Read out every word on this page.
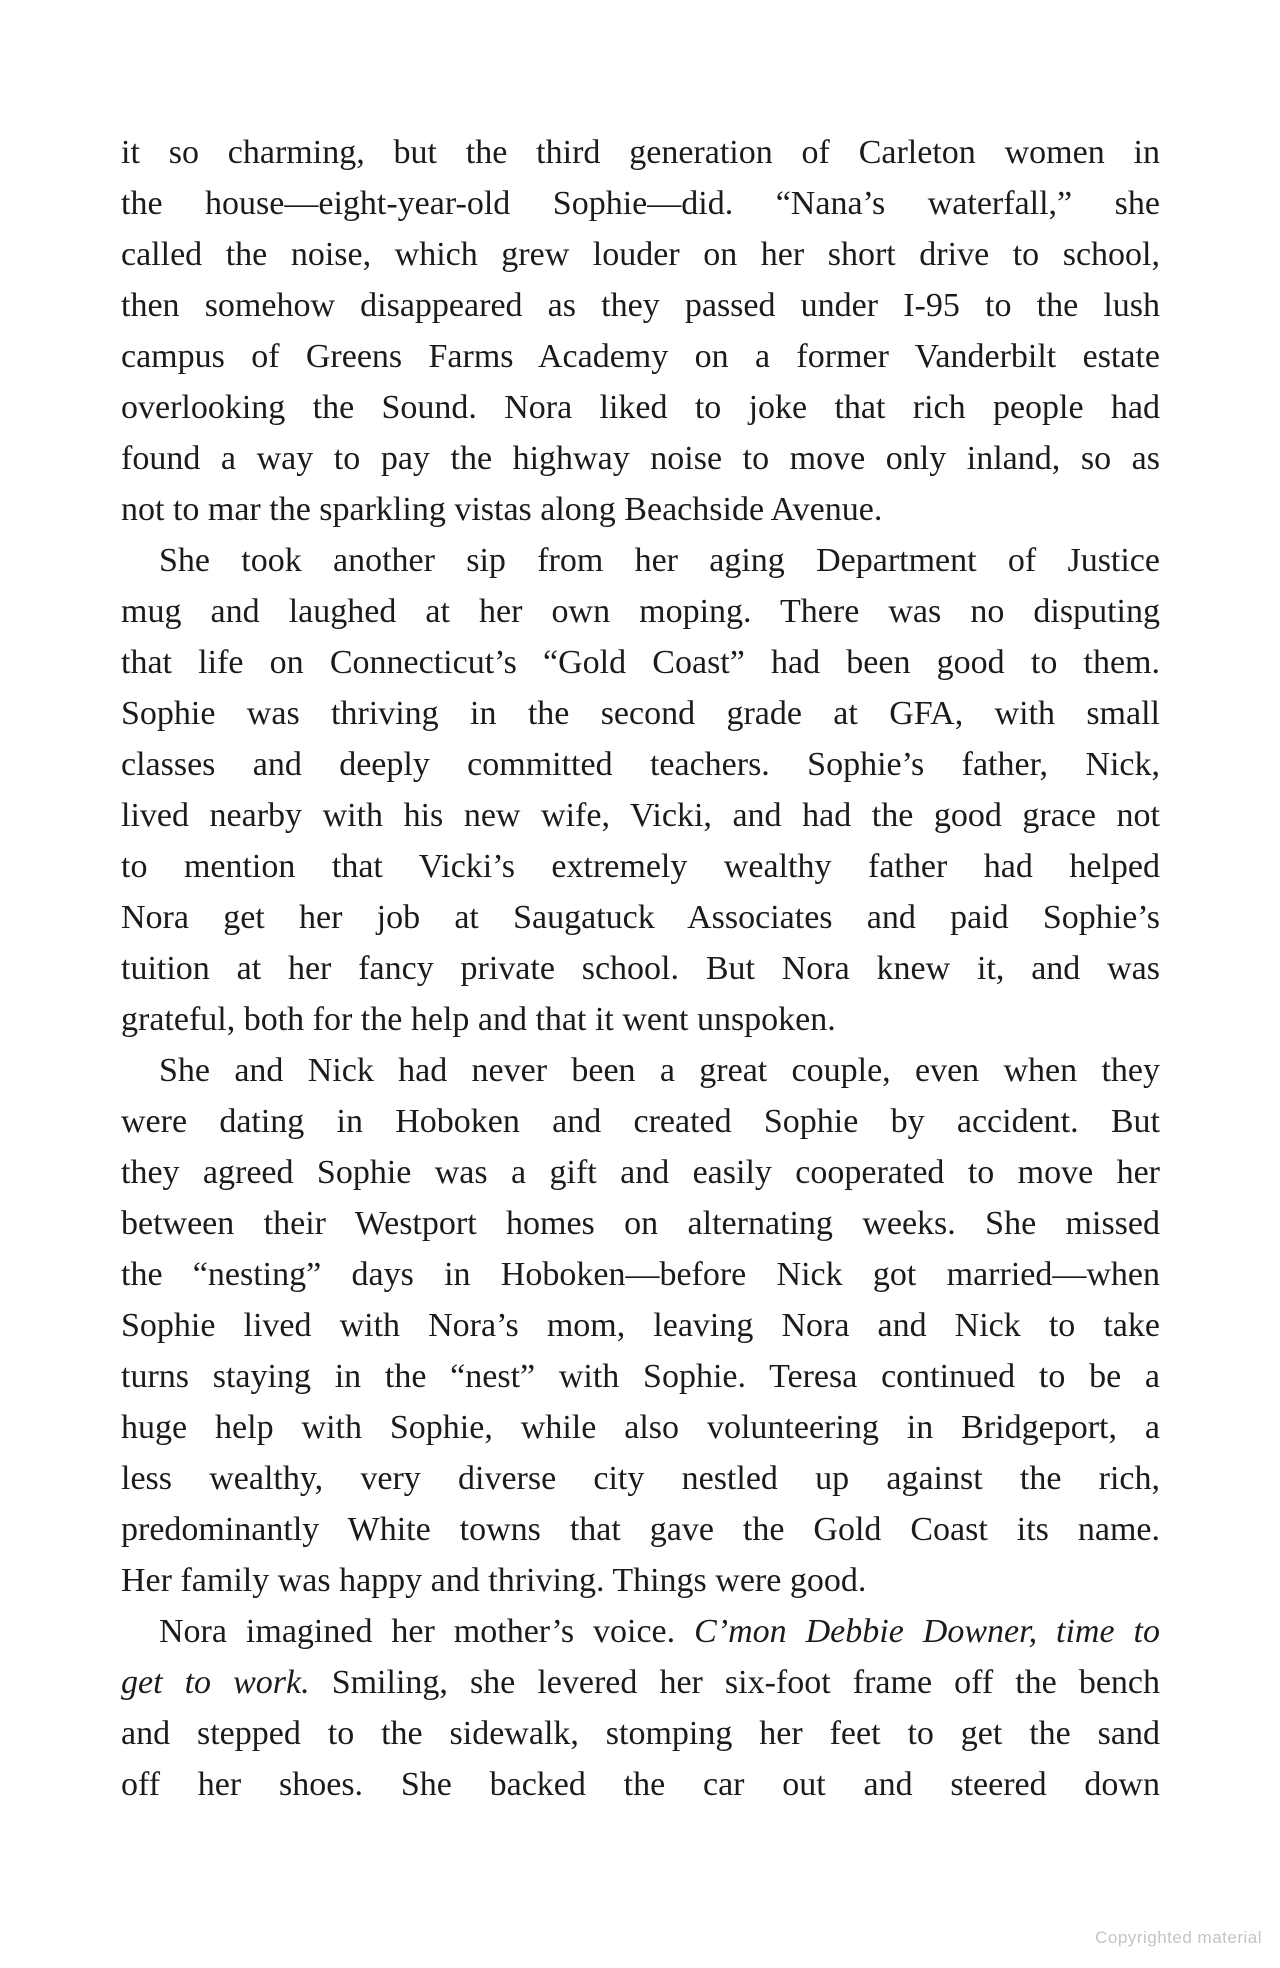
it so charming, but the third generation of Carleton women in
the house—eight-year-old Sophie—did. “Nana’s waterfall,” she
called the noise, which grew louder on her short drive to school,
then somehow disappeared as they passed under I-95 to the lush
campus of Greens Farms Academy on a former Vanderbilt estate
overlooking the Sound. Nora liked to joke that rich people had
found a way to pay the highway noise to move only inland, so as
not to mar the sparkling vistas along Beachside Avenue.
She took another sip from her aging Department of Justice
mug and laughed at her own moping. There was no disputing
that life on Connecticut’s “Gold Coast” had been good to them.
Sophie was thriving in the second grade at GFA, with small
classes and deeply committed teachers. Sophie’s father, Nick,
lived nearby with his new wife, Vicki, and had the good grace not
to mention that Vicki’s extremely wealthy father had helped
Nora get her job at Saugatuck Associates and paid Sophie’s
tuition at her fancy private school. But Nora knew it, and was
grateful, both for the help and that it went unspoken.
She and Nick had never been a great couple, even when they
were dating in Hoboken and created Sophie by accident. But
they agreed Sophie was a gift and easily cooperated to move her
between their Westport homes on alternating weeks. She missed
the “nesting” days in Hoboken—before Nick got married—when
Sophie lived with Nora’s mom, leaving Nora and Nick to take
turns staying in the “nest” with Sophie. Teresa continued to be a
huge help with Sophie, while also volunteering in Bridgeport, a
less wealthy, very diverse city nestled up against the rich,
predominantly White towns that gave the Gold Coast its name.
Her family was happy and thriving. Things were good.
Nora imagined her mother’s voice. C’mon Debbie Downer, time to
get to work. Smiling, she levered her six-foot frame off the bench
and stepped to the sidewalk, stomping her feet to get the sand
off her shoes. She backed the car out and steered down
Copyrighted material
